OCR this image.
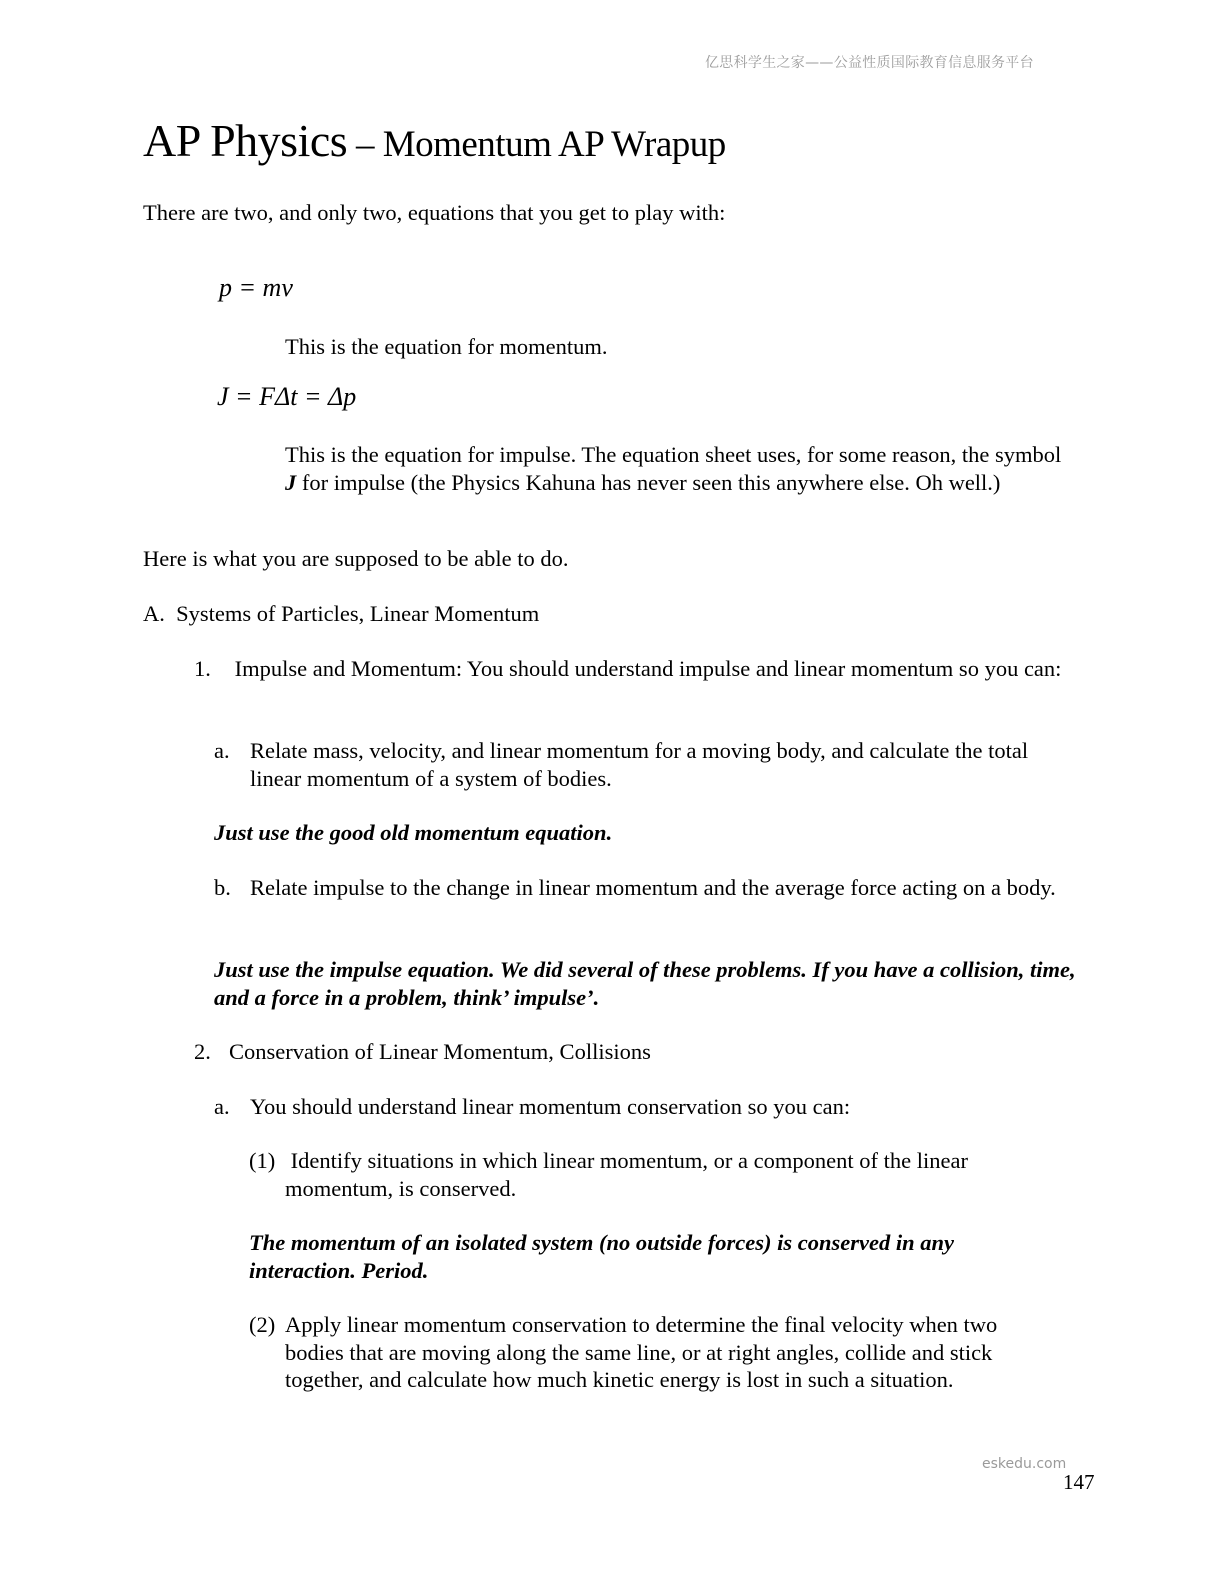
亿思科学生之家——公益性质国际教育信息服务平台
AP Physics – Momentum AP Wrapup
There are two, and only two, equations that you get to play with:
p = mv
This is the equation for momentum.
J = FΔt = Δp
This is the equation for impulse. The equation sheet uses, for some reason, the symbol J for impulse (the Physics Kahuna has never seen this anywhere else. Oh well.)
Here is what you are supposed to be able to do.
A. Systems of Particles, Linear Momentum
1. Impulse and Momentum: You should understand impulse and linear momentum so you can:
a. Relate mass, velocity, and linear momentum for a moving body, and calculate the total linear momentum of a system of bodies.
Just use the good old momentum equation.
b. Relate impulse to the change in linear momentum and the average force acting on a body.
Just use the impulse equation. We did several of these problems. If you have a collision, time, and a force in a problem, think’ impulse’.
2. Conservation of Linear Momentum, Collisions
a. You should understand linear momentum conservation so you can:
(1) Identify situations in which linear momentum, or a component of the linear momentum, is conserved.
The momentum of an isolated system (no outside forces) is conserved in any interaction. Period.
(2) Apply linear momentum conservation to determine the final velocity when two bodies that are moving along the same line, or at right angles, collide and stick together, and calculate how much kinetic energy is lost in such a situation.
eskedu.com
147
